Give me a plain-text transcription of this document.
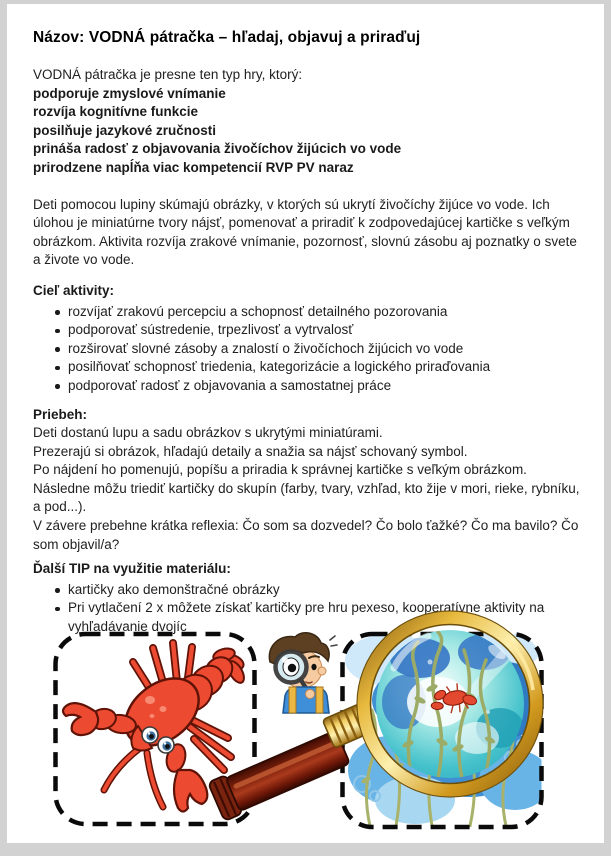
Názov: VODNÁ pátračka – hľadaj, objavuj a priraďuj
VODNÁ pátračka je presne ten typ hry, ktorý:
podporuje zmyslové vnímanie
rozvíja kognitívne funkcie
posilňuje jazykové zručnosti
prináša radosť z objavovania živočíchov žijúcich vo vode
prirodzene napĺňa viac kompetencií RVP PV naraz
Deti pomocou lupiny skúmajú obrázky, v ktorých sú ukrytí živočíchy žijúce vo vode. Ich úlohou je miniatúrne tvory nájsť, pomenovať a priradiť k zodpovedajúcej kartičke s veľkým obrázkom. Aktivita rozvíja zrakové vnímanie, pozornosť, slovnú zásobu aj poznatky o svete a živote vo vode.
Cieľ aktivity:
rozvíjať zrakovú percepciu a schopnosť detailného pozorovania
podporovať sústredenie, trpezlivosť a vytrvalosť
rozširovať slovné zásoby a znalostí o živočíchoch žijúcich vo vode
posilňovať schopnosť triedenia, kategorizácie a logického priraďovania
podporovať radosť z objavovania a samostatnej práce
Priebeh:
Deti dostanú lupu a sadu obrázkov s ukrytými miniatúrami.
Prezerajú si obrázok, hľadajú detaily a snažia sa nájsť schovaný symbol.
Po nájdení ho pomenujú, popíšu a priradia k správnej kartičke s veľkým obrázkom.
Následne môžu triediť kartičky do skupín (farby, tvary, vzhľad, kto žije v mori, rieke, rybníku, a pod...).
V závere prebehne krátka reflexia: Čo som sa dozvedel? Čo bolo ťažké? Čo ma bavilo? Čo som objavil/a?
Ďalší TIP na využitie materiálu:
kartičky ako demonštračné obrázky
Pri vytlačení 2 x môžete získať kartičky pre hru pexeso, kooperatívne aktivity na vyhľadávanie dvojíc
